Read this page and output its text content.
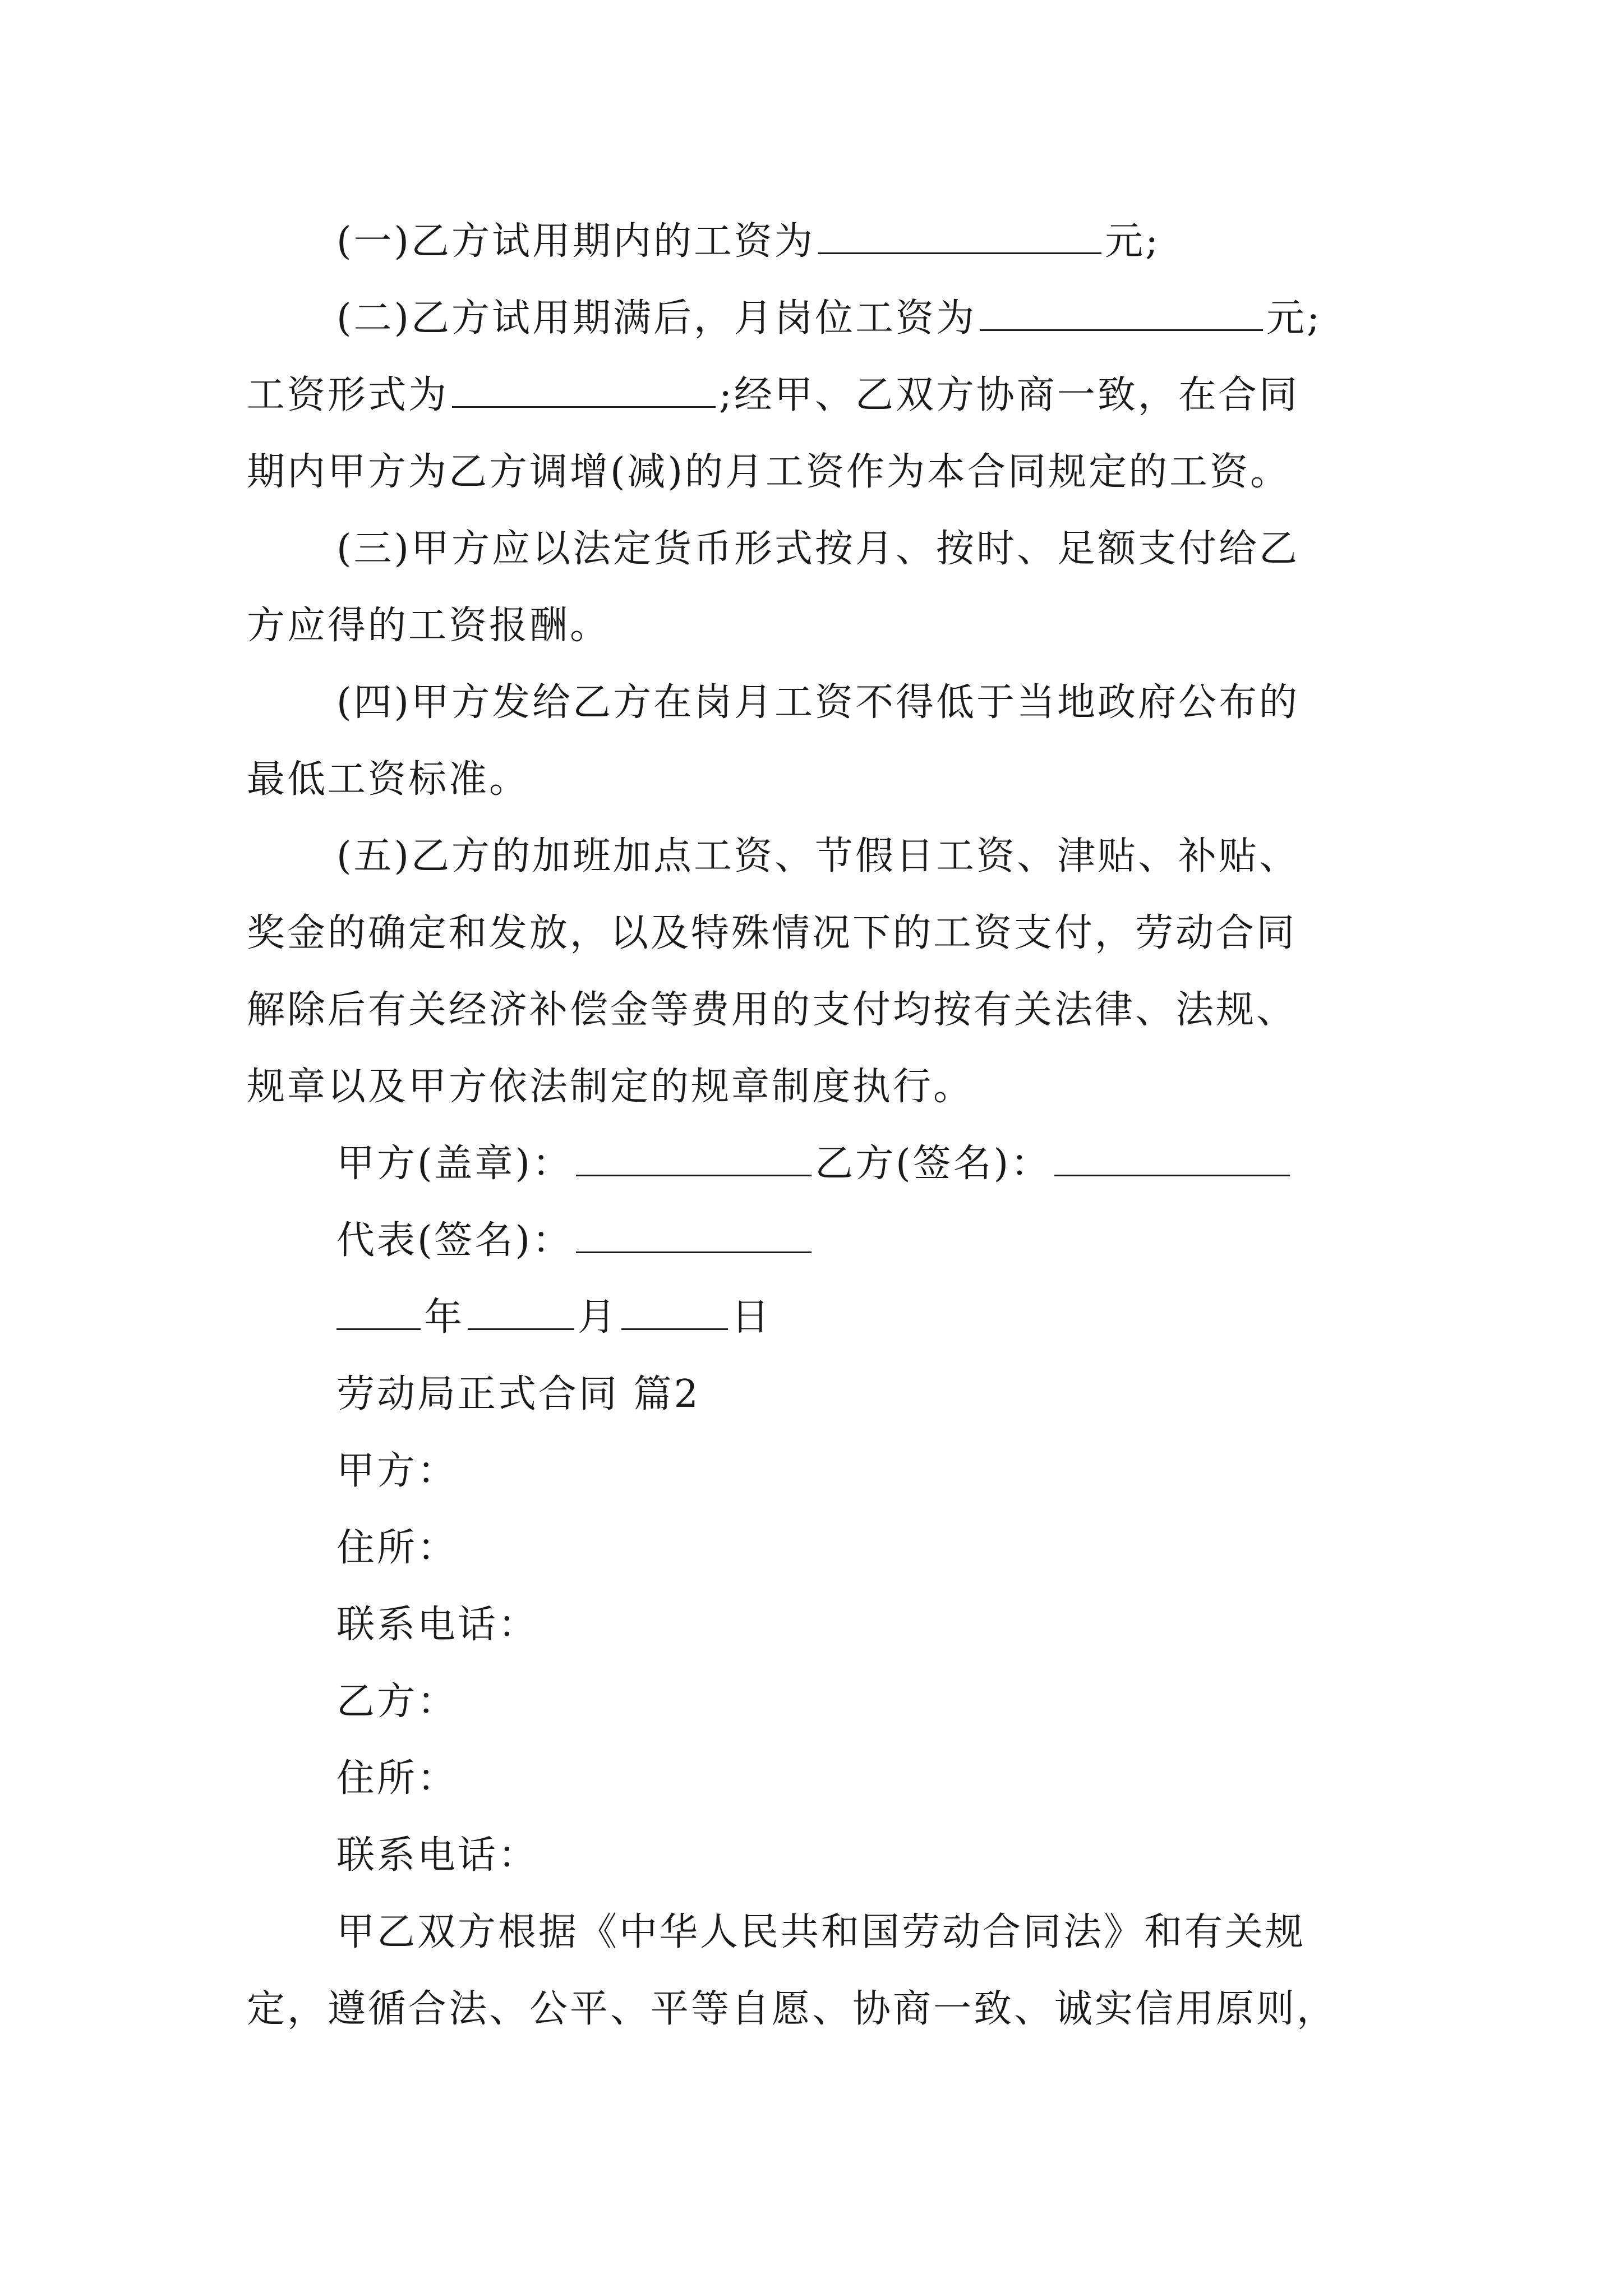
(一)乙方试用期内的工资为	元;
(二)乙方试用期满后，月岗位工资为	元;
工资形式为	;经甲、乙双方协商一致，在合同
期内甲方为乙方调增(减)的月工资作为本合同规定的工资。
(三)甲方应以法定货币形式按月、按时、足额支付给乙
方应得的工资报酬。
(四)甲方发给乙方在岗月工资不得低于当地政府公布的
最低工资标准。
(五)乙方的加班加点工资、节假日工资、津贴、补贴、
奖金的确定和发放，以及特殊情况下的工资支付，劳动合同
解除后有关经济补偿金等费用的支付均按有关法律、法规、
规章以及甲方依法制定的规章制度执行。
甲方(盖章)：	乙方(签名)：
代表(签名)：
年	月	日
劳动局正式合同 篇2
甲方：
住所：
联系电话：
乙方：
住所：
联系电话：
甲乙双方根据《中华人民共和国劳动合同法》和有关规
定，遵循合法、公平、平等自愿、协商一致、诚实信用原则，
